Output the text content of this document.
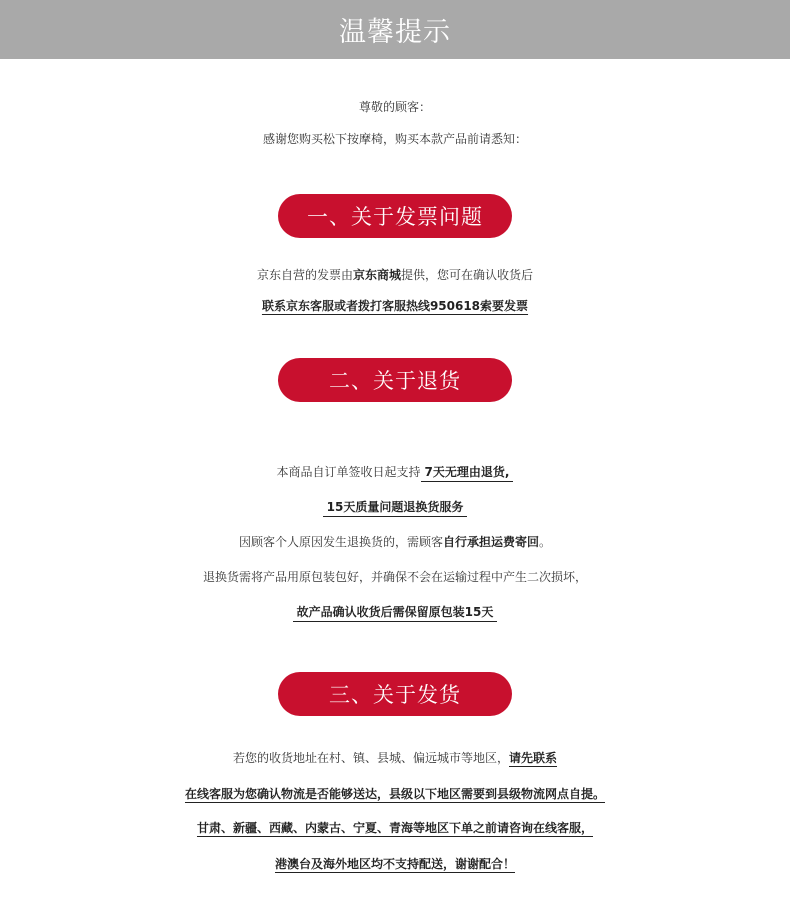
温馨提示
尊敬的顾客：
感谢您购买松下按摩椅，购买本款产品前请悉知：
一、关于发票问题
京东自营的发票由京东商城提供，您可在确认收货后
联系京东客服或者拨打客服热线950618索要发票
二、关于退货
本商品自订单签收日起支持 7天无理由退货,
15天质量问题退换货服务
因顾客个人原因发生退换货的，需顾客自行承担运费寄回。
退换货需将产品用原包装包好，并确保不会在运输过程中产生二次损坏，
故产品确认收货后需保留原包装15天
三、关于发货
若您的收货地址在村、镇、县城、偏远城市等地区，请先联系
在线客服为您确认物流是否能够送达，县级以下地区需要到县级物流网点自提。
甘肃、新疆、西藏、内蒙古、宁夏、青海等地区下单之前请咨询在线客服，
港澳台及海外地区均不支持配送，谢谢配合！
